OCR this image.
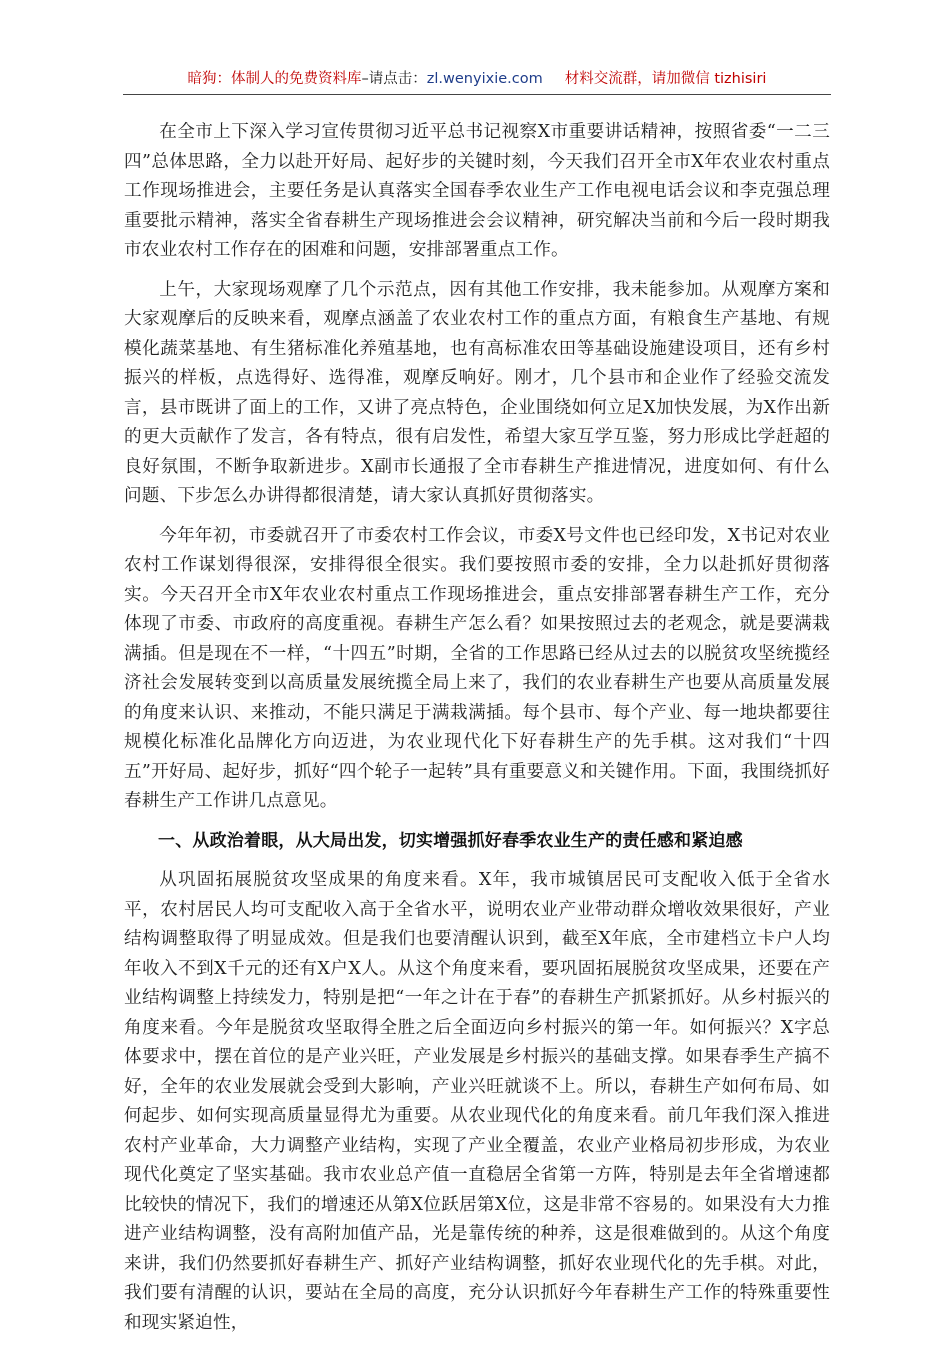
暗狗：体制人的免费资料库–请点击：zl.wenyixie.com 材料交流群，请加微信 tizhisiri

在全市上下深入学习宣传贯彻习近平总书记视察X市重要讲话精神，按照省委“一二三四”总体思路，全力以赴开好局、起好步的关键时刻，今天我们召开全市X年农业农村重点工作现场推进会，主要任务是认真落实全国春季农业生产工作电视电话会议和李克强总理重要批示精神，落实全省春耕生产现场推进会会议精神，研究解决当前和今后一段时期我市农业农村工作存在的困难和问题，安排部署重点工作。

上午，大家现场观摩了几个示范点，因有其他工作安排，我未能参加。从观摩方案和大家观摩后的反映来看，观摩点涵盖了农业农村工作的重点方面，有粮食生产基地、有规模化蔬菜基地、有生猪标准化养殖基地，也有高标准农田等基础设施建设项目，还有乡村振兴的样板，点选得好、选得准，观摩反响好。刚才，几个县市和企业作了经验交流发言，县市既讲了面上的工作，又讲了亮点特色，企业围绕如何立足X加快发展，为X作出新的更大贡献作了发言，各有特点，很有启发性，希望大家互学互鉴，努力形成比学赶超的良好氛围，不断争取新进步。X副市长通报了全市春耕生产推进情况，进度如何、有什么问题、下步怎么办讲得都很清楚，请大家认真抓好贯彻落实。

今年年初，市委就召开了市委农村工作会议，市委X号文件也已经印发，X书记对农业农村工作谋划得很深，安排得很全很实。我们要按照市委的安排，全力以赴抓好贯彻落实。今天召开全市X年农业农村重点工作现场推进会，重点安排部署春耕生产工作，充分体现了市委、市政府的高度重视。春耕生产怎么看？如果按照过去的老观念，就是要满栽满插。但是现在不一样，“十四五”时期，全省的工作思路已经从过去的以脱贫攻坚统揽经济社会发展转变到以高质量发展统揽全局上来了，我们的农业春耕生产也要从高质量发展的角度来认识、来推动，不能只满足于满栽满插。每个县市、每个产业、每一地块都要往规模化标准化品牌化方向迈进，为农业现代化下好春耕生产的先手棋。这对我们“十四五”开好局、起好步，抓好“四个轮子一起转”具有重要意义和关键作用。下面，我围绕抓好春耕生产工作讲几点意见。

一、从政治着眼，从大局出发，切实增强抓好春季农业生产的责任感和紧迫感

从巩固拓展脱贫攻坚成果的角度来看。X年，我市城镇居民可支配收入低于全省水平，农村居民人均可支配收入高于全省水平，说明农业产业带动群众增收效果很好，产业结构调整取得了明显成效。但是我们也要清醒认识到，截至X年底，全市建档立卡户人均年收入不到X千元的还有X户X人。从这个角度来看，要巩固拓展脱贫攻坚成果，还要在产业结构调整上持续发力，特别是把“一年之计在于春”的春耕生产抓紧抓好。从乡村振兴的角度来看。今年是脱贫攻坚取得全胜之后全面迈向乡村振兴的第一年。如何振兴？X字总体要求中，摆在首位的是产业兴旺，产业发展是乡村振兴的基础支撑。如果春季生产搞不好，全年的农业发展就会受到大影响，产业兴旺就谈不上。所以，春耕生产如何布局、如何起步、如何实现高质量显得尤为重要。从农业现代化的角度来看。前几年我们深入推进农村产业革命，大力调整产业结构，实现了产业全覆盖，农业产业格局初步形成，为农业现代化奠定了坚实基础。我市农业总产值一直稳居全省第一方阵，特别是去年全省增速都比较快的情况下，我们的增速还从第X位跃居第X位，这是非常不容易的。如果没有大力推进产业结构调整，没有高附加值产品，光是靠传统的种养，这是很难做到的。从这个角度来讲，我们仍然要抓好春耕生产、抓好产业结构调整，抓好农业现代化的先手棋。对此，我们要有清醒的认识，要站在全局的高度，充分认识抓好今年春耕生产工作的特殊重要性和现实紧迫性，
